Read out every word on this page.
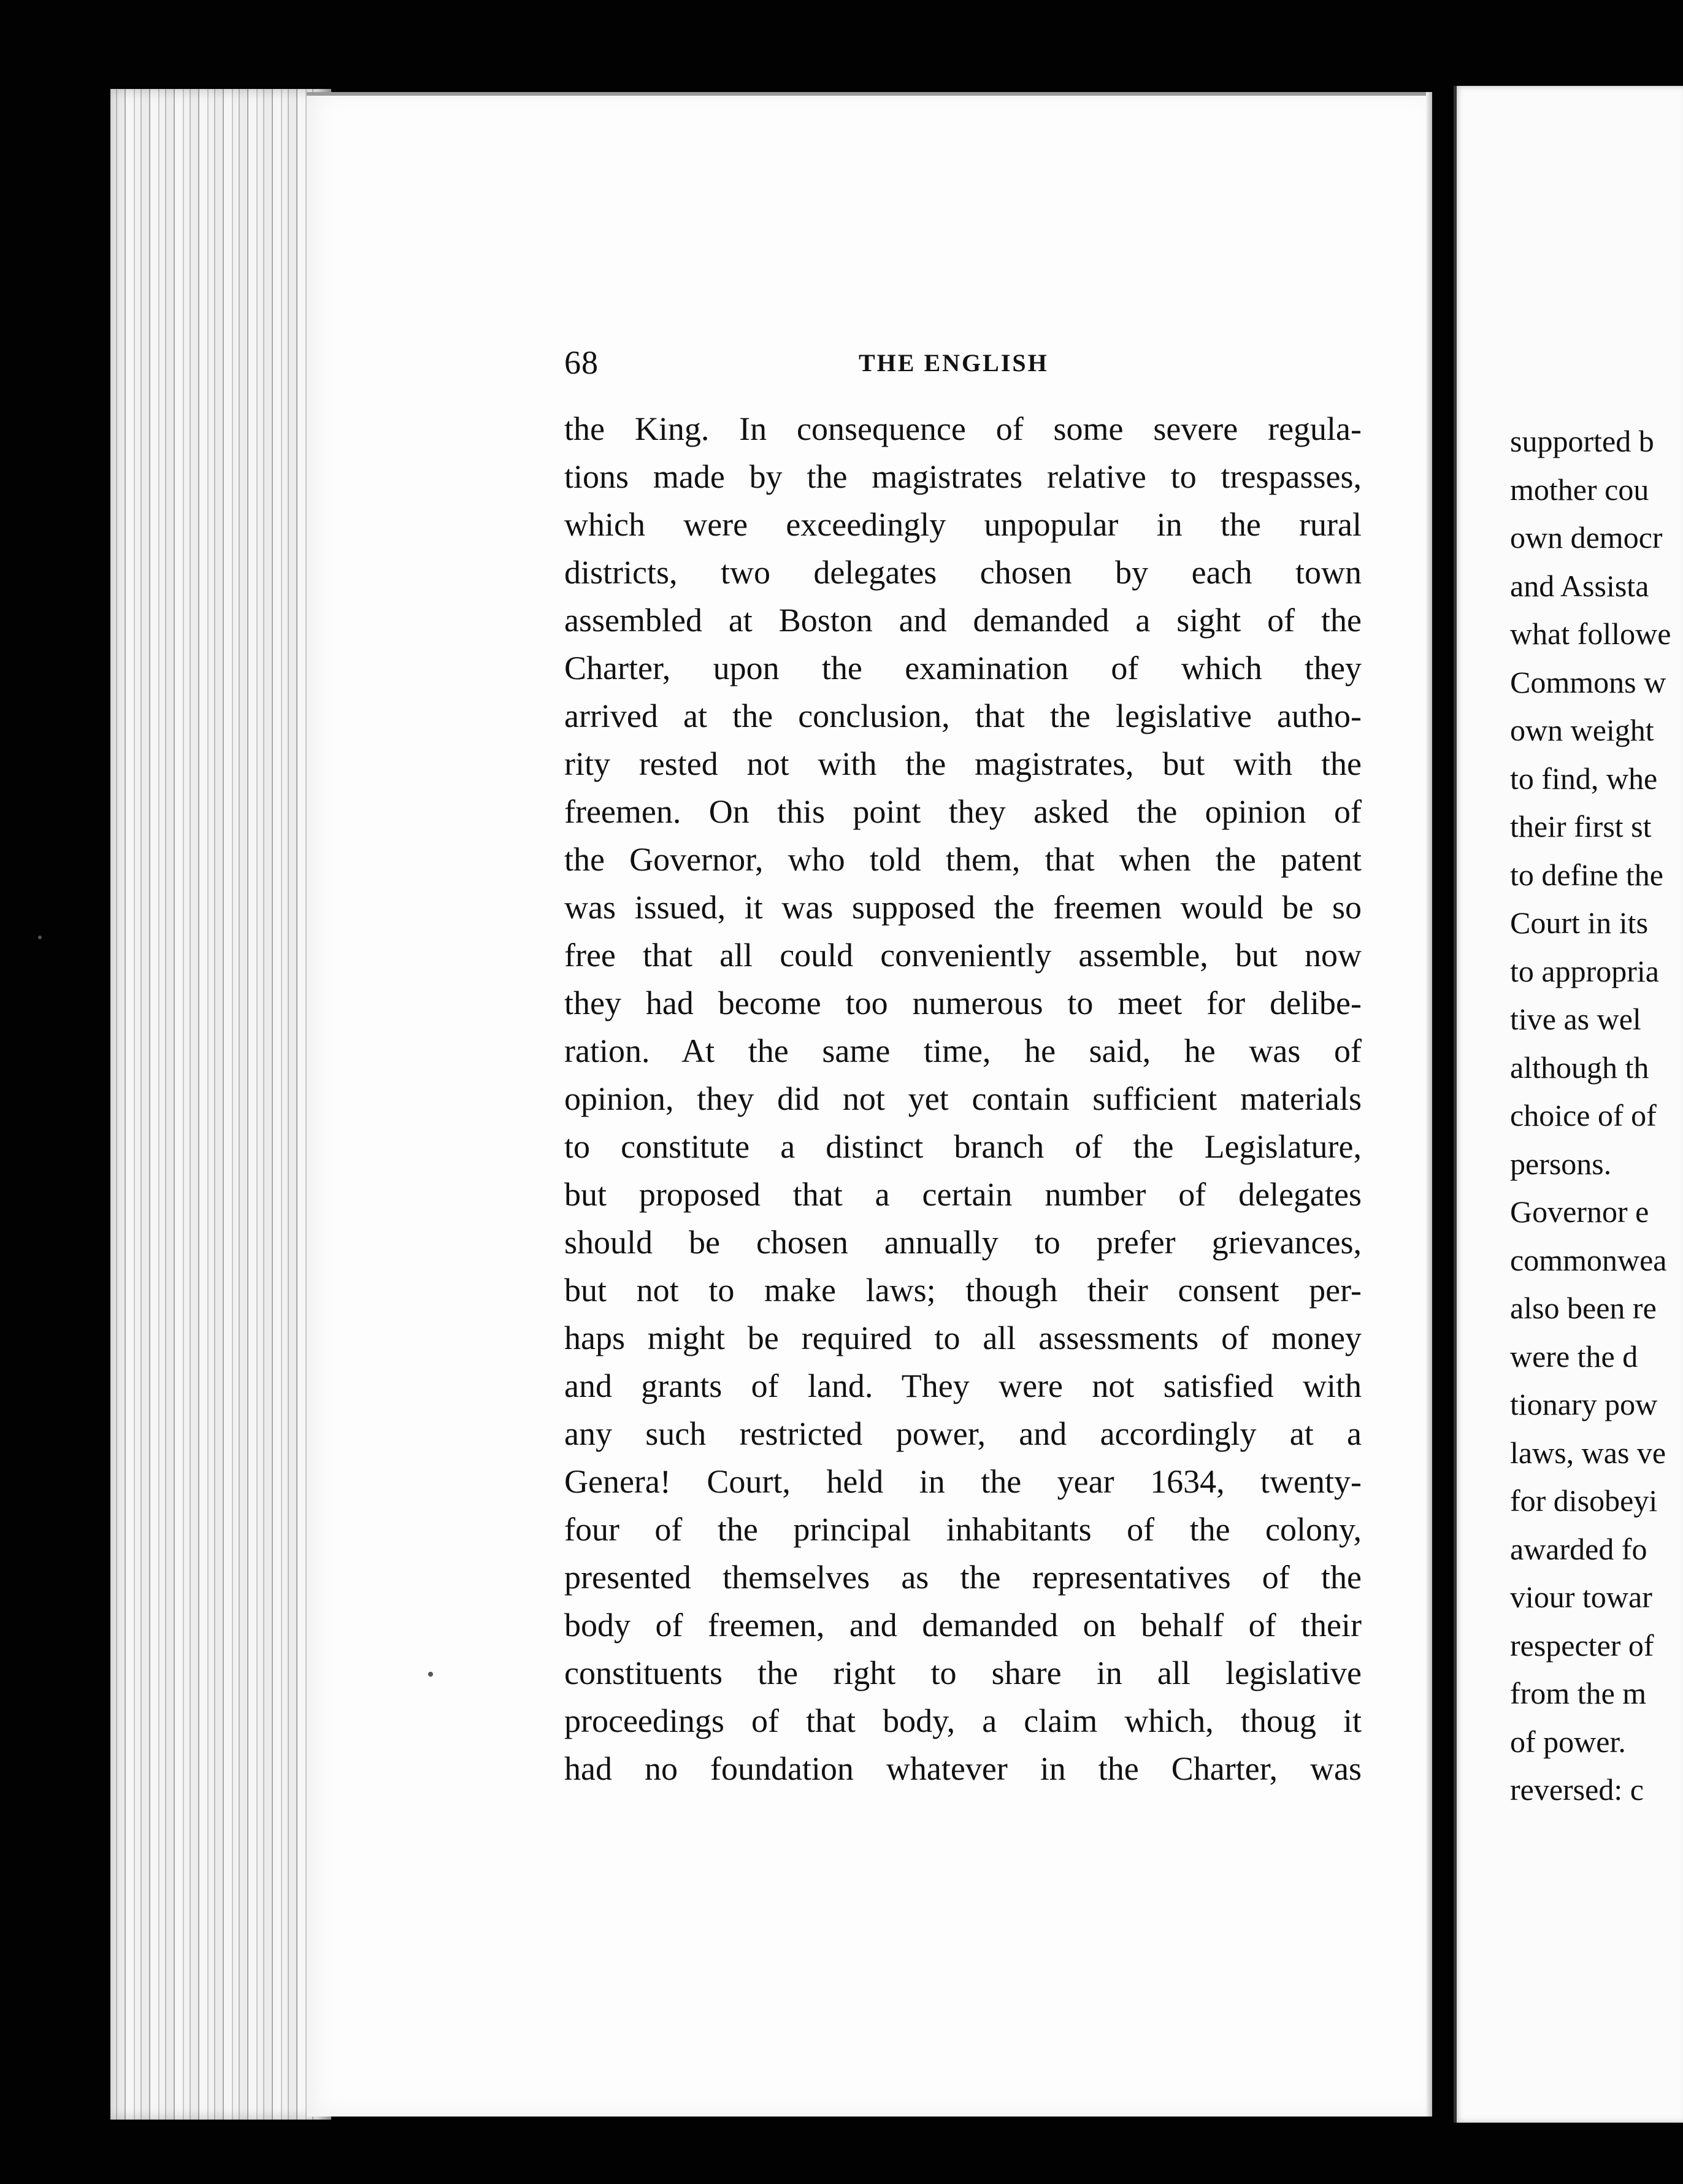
68	THE ENGLISH
the King. In consequence of some severe regula-
tions made by the magistrates relative to trespasses,
which were exceedingly unpopular in the rural
districts, two delegates chosen by each town
assembled at Boston and demanded a sight of the
Charter, upon the examination of which they
arrived at the conclusion, that the legislative autho-
rity rested not with the magistrates, but with the
freemen. On this point they asked the opinion of
the Governor, who told them, that when the patent
was issued, it was supposed the freemen would be so
free that all could conveniently assemble, but now
they had become too numerous to meet for delibe-
ration. At the same time, he said, he was of
opinion, they did not yet contain sufficient materials
to constitute a distinct branch of the Legislature,
but proposed that a certain number of delegates
should be chosen annually to prefer grievances,
but not to make laws; though their consent per-
haps might be required to all assessments of money
and grants of land. They were not satisfied with
any such restricted power, and accordingly at a
Genera! Court, held in the year 1634, twenty-
four of the principal inhabitants of the colony,
presented themselves as the representatives of the
body of freemen, and demanded on behalf of their
constituents the right to share in all legislative
proceedings of that body, a claim which, thoug it
had no foundation whatever in the Charter, was
supported b
mother cou
own democr
and Assista
what followe
Commons w
own weight
to find, whe
their first st
to define the
Court in its
to appropria
tive as wel
although th
choice of of
persons.
Governor e
commonwea
also been re
were the d
tionary pow
laws, was ve
for disobeyi
awarded fo
viour towar
respecter of
from the m
of power.
reversed: c
